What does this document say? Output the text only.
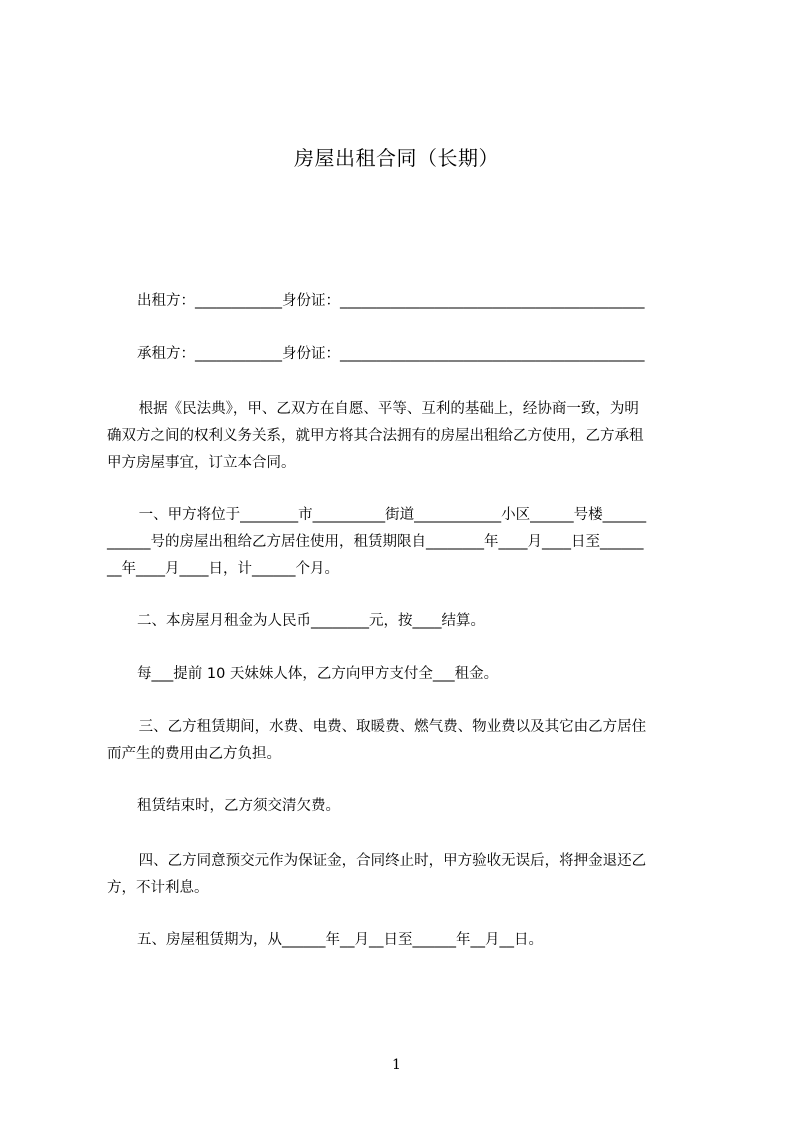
房屋出租合同（长期）
出租方：____________身份证：__________________________________________
承租方：____________身份证：__________________________________________
根据《民法典》，甲、乙双方在自愿、平等、互利的基础上，经协商一致，为明
确双方之间的权利义务关系，就甲方将其合法拥有的房屋出租给乙方使用，乙方承租
甲方房屋事宜，订立本合同。
一、甲方将位于________市__________街道____________小区______号楼______
______号的房屋出租给乙方居住使用，租赁期限自________年____月____日至______
__年____月____日，计______个月。
二、本房屋月租金为人民币________元，按____结算。
每___提前 10 天妹妹人体，乙方向甲方支付全___租金。
三、乙方租赁期间，水费、电费、取暖费、燃气费、物业费以及其它由乙方居住
而产生的费用由乙方负担。
租赁结束时，乙方须交清欠费。
四、乙方同意预交元作为保证金，合同终止时，甲方验收无误后，将押金退还乙
方，不计利息。
五、房屋租赁期为，从______年__月__日至______年__月__日。
1
